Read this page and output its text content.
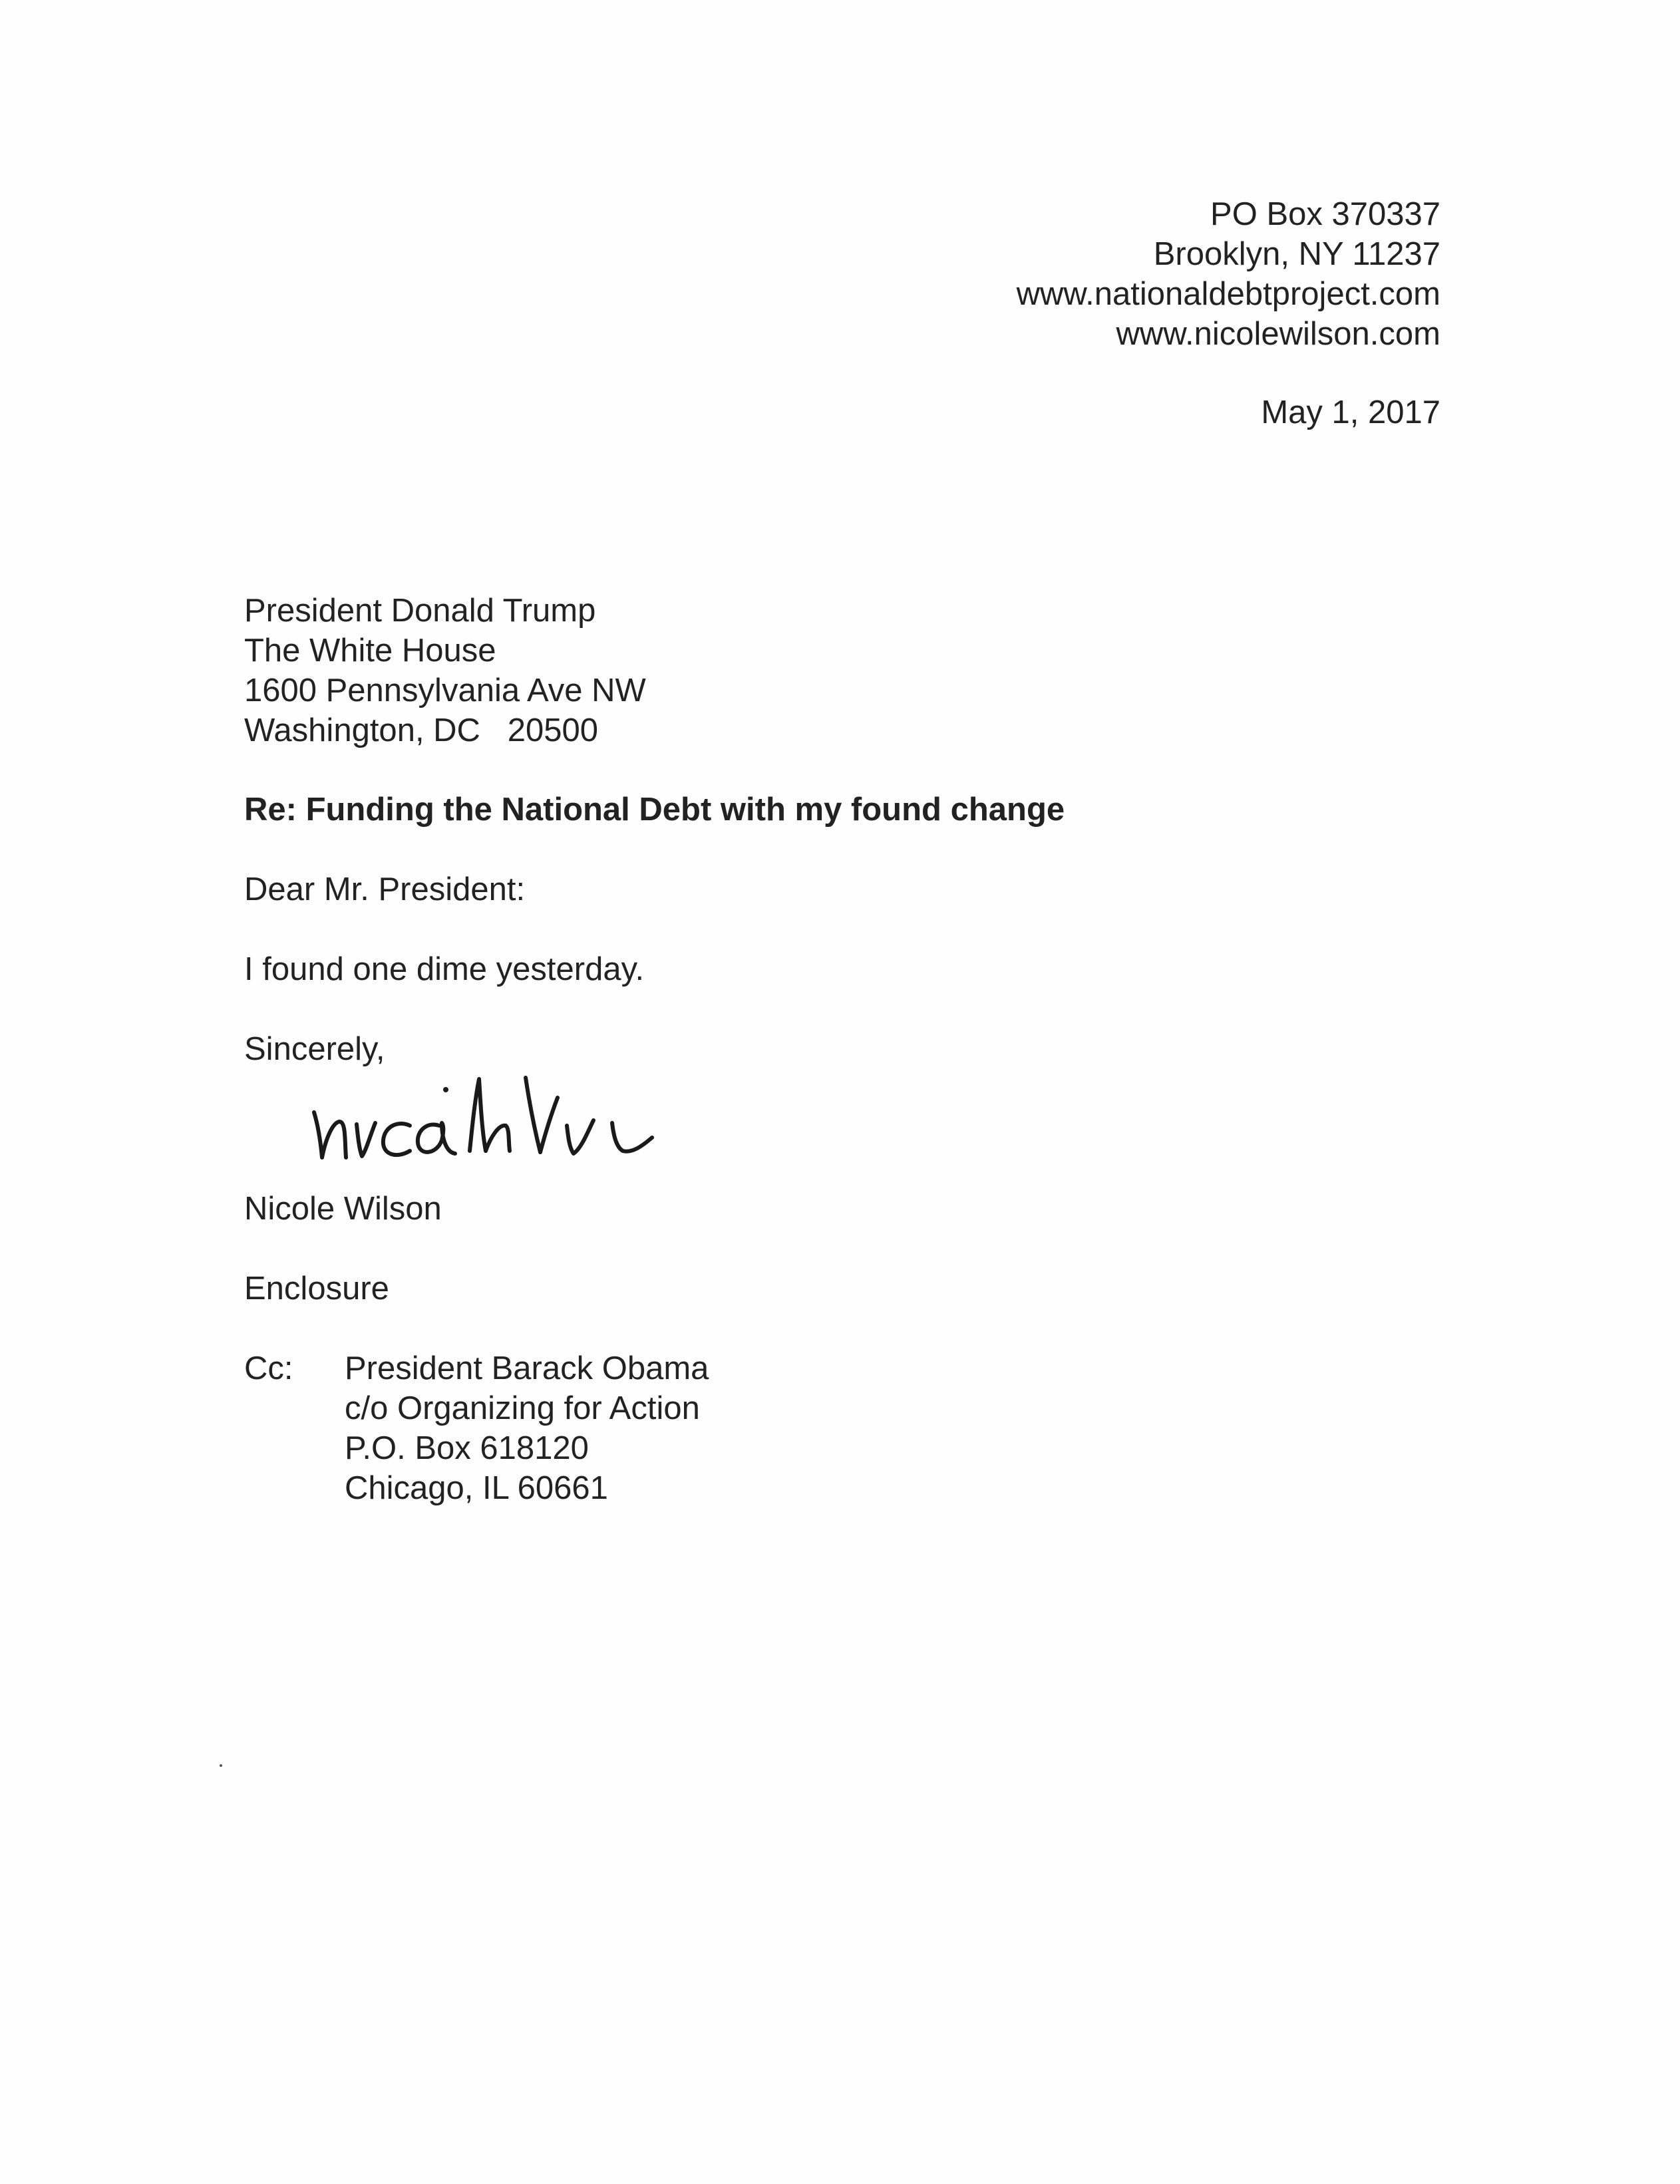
PO Box 370337
Brooklyn, NY 11237
www.nationaldebtproject.com
www.nicolewilson.com
May 1, 2017
President Donald Trump
The White House
1600 Pennsylvania Ave NW
Washington, DC   20500
Re: Funding the National Debt with my found change
Dear Mr. President:
I found one dime yesterday.
Sincerely,
Nicole Wilson
Enclosure
Cc: President Barack Obama
c/o Organizing for Action
P.O. Box 618120
Chicago, IL 60661
